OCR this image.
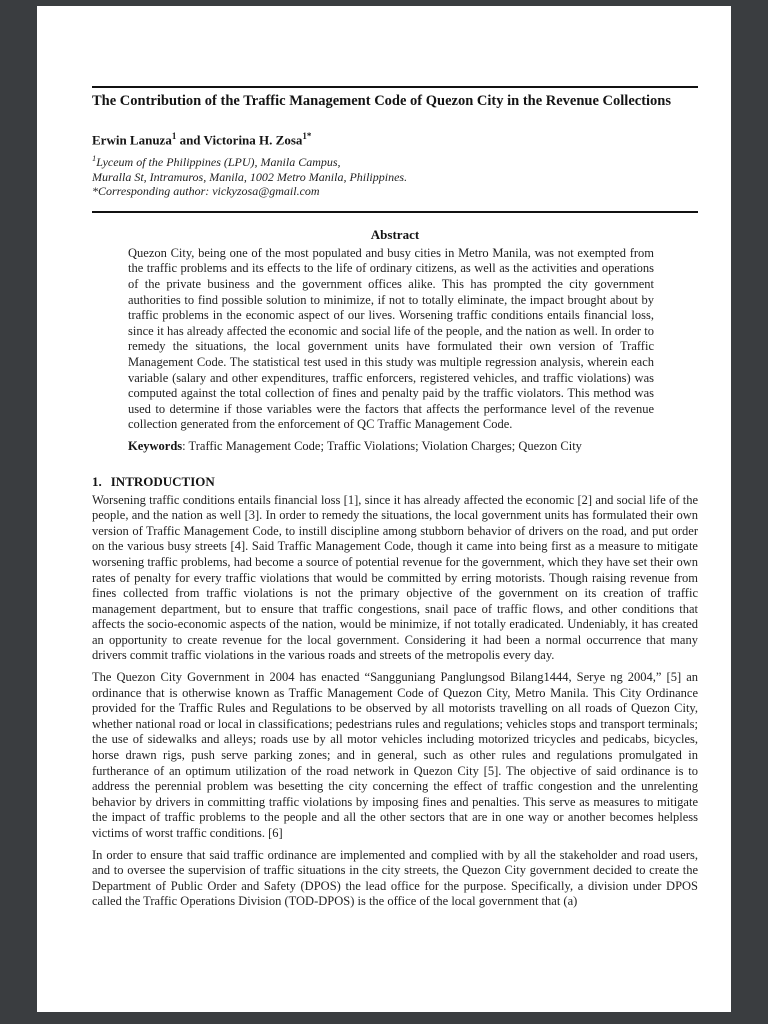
The Contribution of the Traffic Management Code of Quezon City in the Revenue Collections
Erwin Lanuza$^1$ and Victorina H. Zosa$^{1*}$
$^1$Lyceum of the Philippines (LPU), Manila Campus,
Muralla St, Intramuros, Manila, 1002 Metro Manila, Philippines.
*Corresponding author: vickyzosa@gmail.com
Abstract

Quezon City, being one of the most populated and busy cities in Metro Manila, was not exempted from the traffic problems and its effects to the life of ordinary citizens, as well as the activities and operations of the private business and the government offices alike. This has prompted the city government authorities to find possible solution to minimize, if not to totally eliminate, the impact brought about by traffic problems in the economic aspect of our lives. Worsening traffic conditions entails financial loss, since it has already affected the economic and social life of the people, and the nation as well. In order to remedy the situations, the local government units have formulated their own version of Traffic Management Code. The statistical test used in this study was multiple regression analysis, wherein each variable (salary and other expenditures, traffic enforcers, registered vehicles, and traffic violations) was computed against the total collection of fines and penalty paid by the traffic violators. This method was used to determine if those variables were the factors that affects the performance level of the revenue collection generated from the enforcement of QC Traffic Management Code.

Keywords: Traffic Management Code; Traffic Violations; Violation Charges; Quezon City

1. INTRODUCTION

Worsening traffic conditions entails financial loss [1], since it has already affected the economic [2] and social life of the people, and the nation as well [3]. In order to remedy the situations, the local government units has formulated their own version of Traffic Management Code, to instill discipline among stubborn behavior of drivers on the road, and put order on the various busy streets [4]. Said Traffic Management Code, though it came into being first as a measure to mitigate worsening traffic problems, had become a source of potential revenue for the government, which they have set their own rates of penalty for every traffic violations that would be committed by erring motorists. Though raising revenue from fines collected from traffic violations is not the primary objective of the government on its creation of traffic management department, but to ensure that traffic congestions, snail pace of traffic flows, and other conditions that affects the socio-economic aspects of the nation, would be minimize, if not totally eradicated. Undeniably, it has created an opportunity to create revenue for the local government. Considering it had been a normal occurrence that many drivers commit traffic violations in the various roads and streets of the metropolis every day.

The Quezon City Government in 2004 has enacted “Sangguniang Panglungsod Bilang1444, Serye ng 2004,” [5] an ordinance that is otherwise known as Traffic Management Code of Quezon City, Metro Manila. This City Ordinance provided for the Traffic Rules and Regulations to be observed by all motorists travelling on all roads of Quezon City, whether national road or local in classifications; pedestrians rules and regulations; vehicles stops and transport terminals; the use of sidewalks and alleys; roads use by all motor vehicles including motorized tricycles and pedicabs, bicycles, horse drawn rigs, push serve parking zones; and in general, such as other rules and regulations promulgated in furtherance of an optimum utilization of the road network in Quezon City [5]. The objective of said ordinance is to address the perennial problem was besetting the city concerning the effect of traffic congestion and the unrelenting behavior by drivers in committing traffic violations by imposing fines and penalties. This serve as measures to mitigate the impact of traffic problems to the people and all the other sectors that are in one way or another becomes helpless victims of worst traffic conditions. [6]

In order to ensure that said traffic ordinance are implemented and complied with by all the stakeholder and road users, and to oversee the supervision of traffic situations in the city streets, the Quezon City government decided to create the Department of Public Order and Safety (DPOS) the lead office for the purpose. Specifically, a division under DPOS called the Traffic Operations Division (TOD-DPOS) is the office of the local government that (a)
